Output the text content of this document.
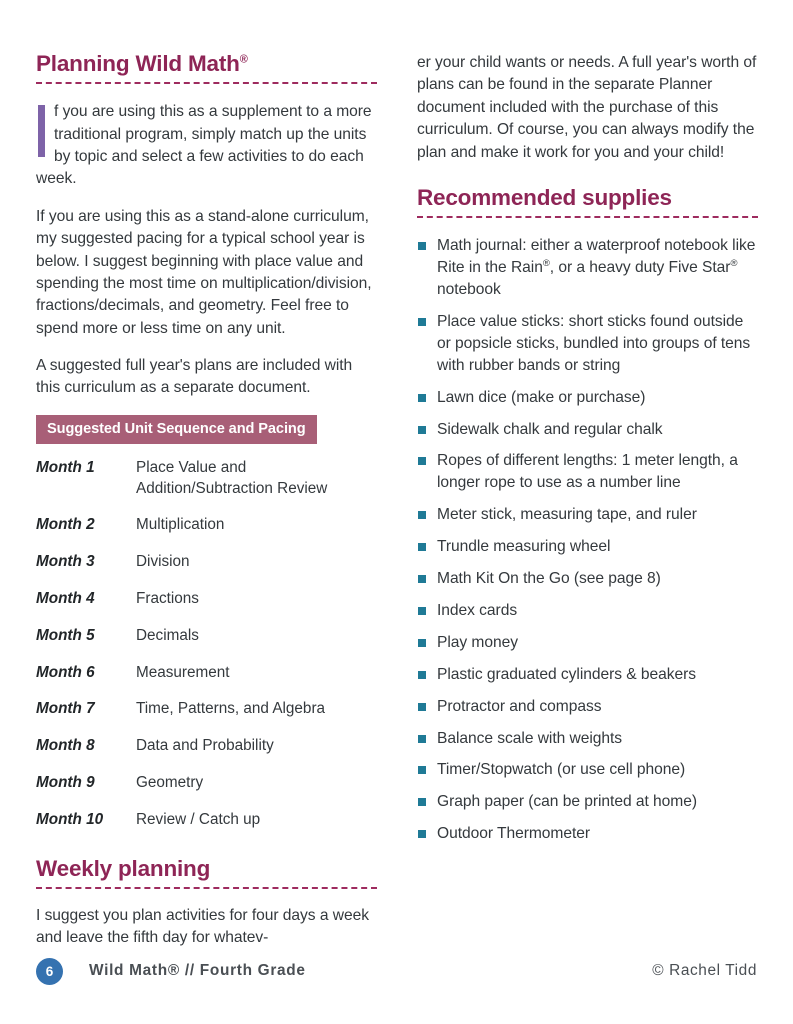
Planning Wild Math®
f you are using this as a supplement to a more traditional program, simply match up the units by topic and select a few activities to do each week.

If you are using this as a stand-alone curriculum, my suggested pacing for a typical school year is below. I suggest beginning with place value and spending the most time on multiplication/division, fractions/decimals, and geometry. Feel free to spend more or less time on any unit.

A suggested full year's plans are included with this curriculum as a separate document.

Suggested Unit Sequence and Pacing
Month 1	Place Value and Addition/Subtraction Review
Month 2	Multiplication
Month 3	Division
Month 4	Fractions
Month 5	Decimals
Month 6	Measurement
Month 7	Time, Patterns, and Algebra
Month 8	Data and Probability
Month 9	Geometry
Month 10	Review / Catch up
Weekly planning

I suggest you plan activities for four days a week and leave the fifth day for whatev-

er your child wants or needs. A full year's worth of plans can be found in the separate Planner document included with the purchase of this curriculum. Of course, you can always modify the plan and make it work for you and your child!

Recommended supplies
Math journal: either a waterproof notebook like Rite in the Rain®, or a heavy duty Five Star® notebook
Place value sticks: short sticks found outside or popsicle sticks, bundled into groups of tens with rubber bands or string
Lawn dice (make or purchase)
Sidewalk chalk and regular chalk
Ropes of different lengths: 1 meter length, a longer rope to use as a number line
Meter stick, measuring tape, and ruler
Trundle measuring wheel
Math Kit On the Go (see page 8)
Index cards
Play money
Plastic graduated cylinders & beakers
Protractor and compass
Balance scale with weights
Timer/Stopwatch (or use cell phone)
Graph paper (can be printed at home)
Outdoor Thermometer
6	Wild Math® // Fourth Grade	© Rachel Tidd
